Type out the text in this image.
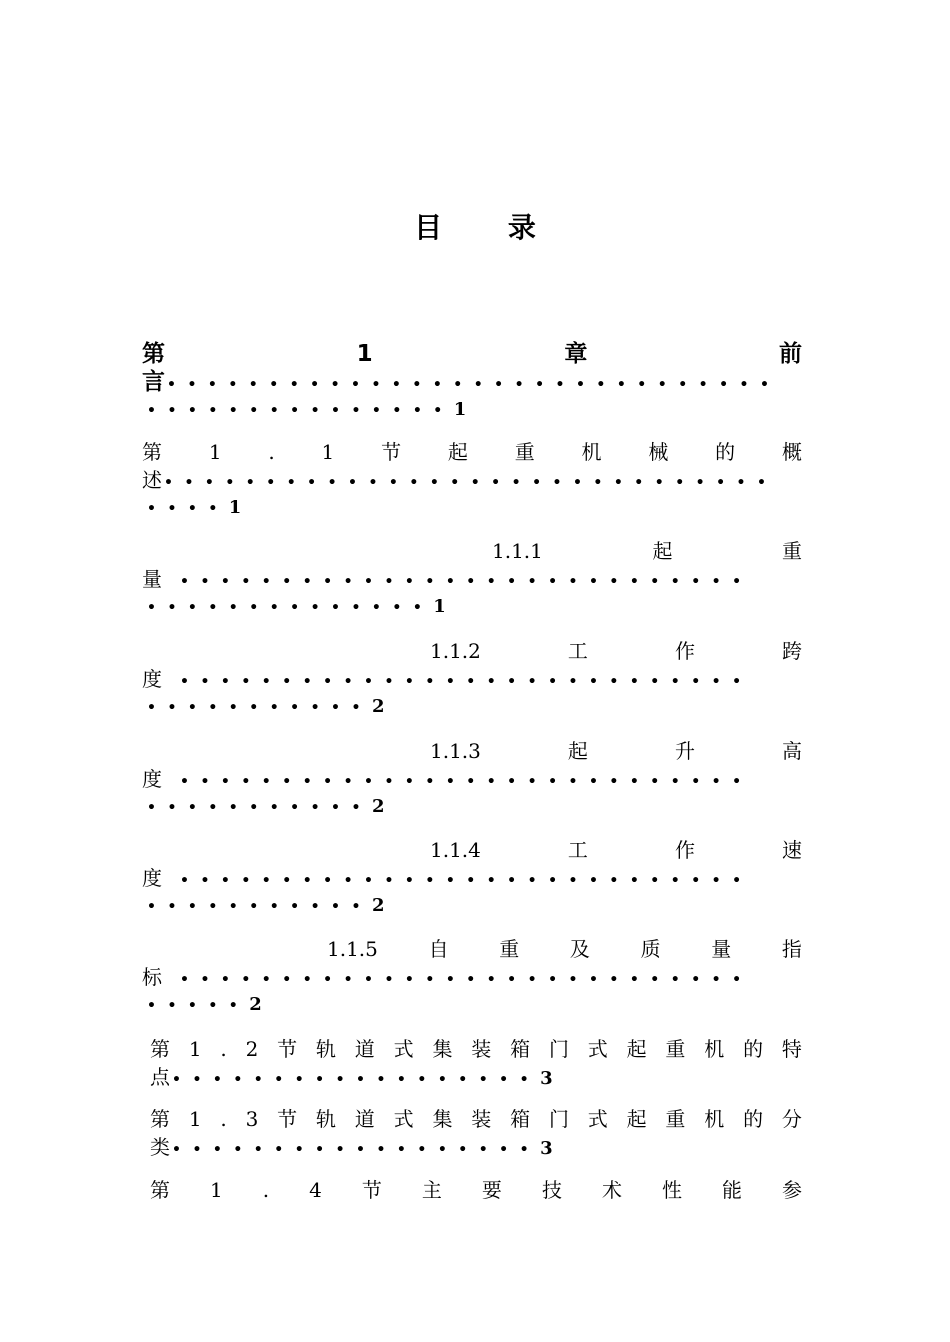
目 录
第	1	章	前
言••••••••••••••••••••••••••••••
•••••••••••••••1
第 1 . 1 节 起 重 机 械 的 概
述••••••••••••••••••••••••••••••
••••1
1.1.1	起	重
量••••••••••••••••••••••••••••
••••••••••••••1
1.1.2	工	作	跨
度••••••••••••••••••••••••••••
•••••••••••2
1.1.3	起	升	高
度••••••••••••••••••••••••••••
•••••••••••2
1.1.4	工	作	速
度••••••••••••••••••••••••••••
•••••••••••2
1.1.5	自	重	及	质	量	指
标••••••••••••••••••••••••••••
•••••2
第 1 . 2 节 轨 道 式 集 装 箱 门 式 起 重 机 的 特
点••••••••••••••••••3
第 1 . 3 节 轨 道 式 集 装 箱 门 式 起 重 机 的 分
类••••••••••••••••••3
第 1 . 4 节 主 要 技 术 性 能 参
